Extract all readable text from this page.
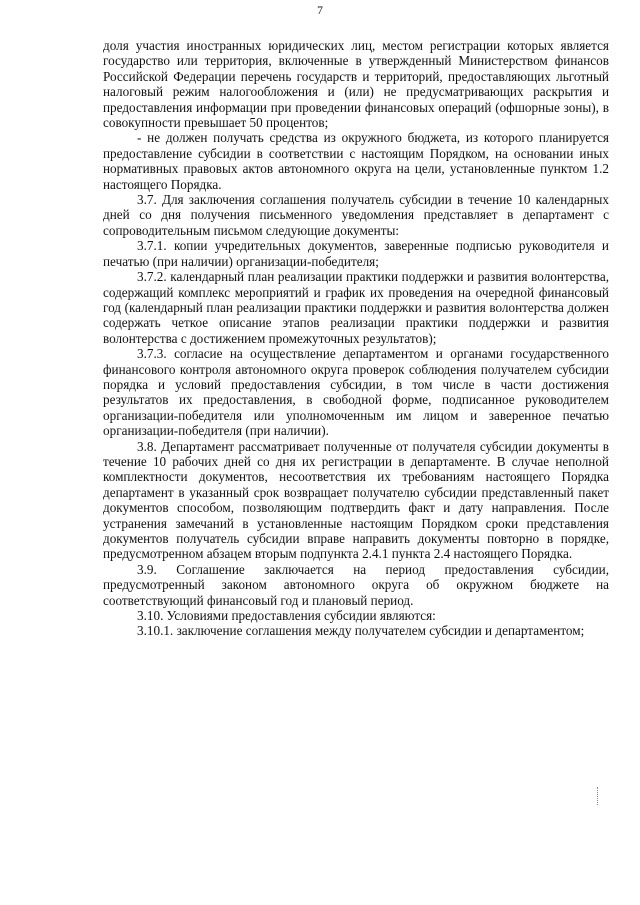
7

доля участия иностранных юридических лиц, местом регистрации которых является государство или территория, включенные в утвержденный Министерством финансов Российской Федерации перечень государств и территорий, предоставляющих льготный налоговый режим налогообложения и (или) не предусматривающих раскрытия и предоставления информации при проведении финансовых операций (офшорные зоны), в совокупности превышает 50 процентов;

- не должен получать средства из окружного бюджета, из которого планируется предоставление субсидии в соответствии с настоящим Порядком, на основании иных нормативных правовых актов автономного округа на цели, установленные пунктом 1.2 настоящего Порядка.

3.7. Для заключения соглашения получатель субсидии в течение 10 календарных дней со дня получения письменного уведомления представляет в департамент с сопроводительным письмом следующие документы:

3.7.1. копии учредительных документов, заверенные подписью руководителя и печатью (при наличии) организации-победителя;

3.7.2. календарный план реализации практики поддержки и развития волонтерства, содержащий комплекс мероприятий и график их проведения на очередной финансовый год (календарный план реализации практики поддержки и развития волонтерства должен содержать четкое описание этапов реализации практики поддержки и развития волонтерства с достижением промежуточных результатов);

3.7.3. согласие на осуществление департаментом и органами государственного финансового контроля автономного округа проверок соблюдения получателем субсидии порядка и условий предоставления субсидии, в том числе в части достижения результатов их предоставления, в свободной форме, подписанное руководителем организации-победителя или уполномоченным им лицом и заверенное печатью организации-победителя (при наличии).

3.8. Департамент рассматривает полученные от получателя субсидии документы в течение 10 рабочих дней со дня их регистрации в департаменте. В случае неполной комплектности документов, несоответствия их требованиям настоящего Порядка департамент в указанный срок возвращает получателю субсидии представленный пакет документов способом, позволяющим подтвердить факт и дату направления. После устранения замечаний в установленные настоящим Порядком сроки представления документов получатель субсидии вправе направить документы повторно в порядке, предусмотренном абзацем вторым подпункта 2.4.1 пункта 2.4 настоящего Порядка.

3.9. Соглашение заключается на период предоставления субсидии, предусмотренный законом автономного округа об окружном бюджете на соответствующий финансовый год и плановый период.

3.10. Условиями предоставления субсидии являются:

3.10.1. заключение соглашения между получателем субсидии и департаментом;
